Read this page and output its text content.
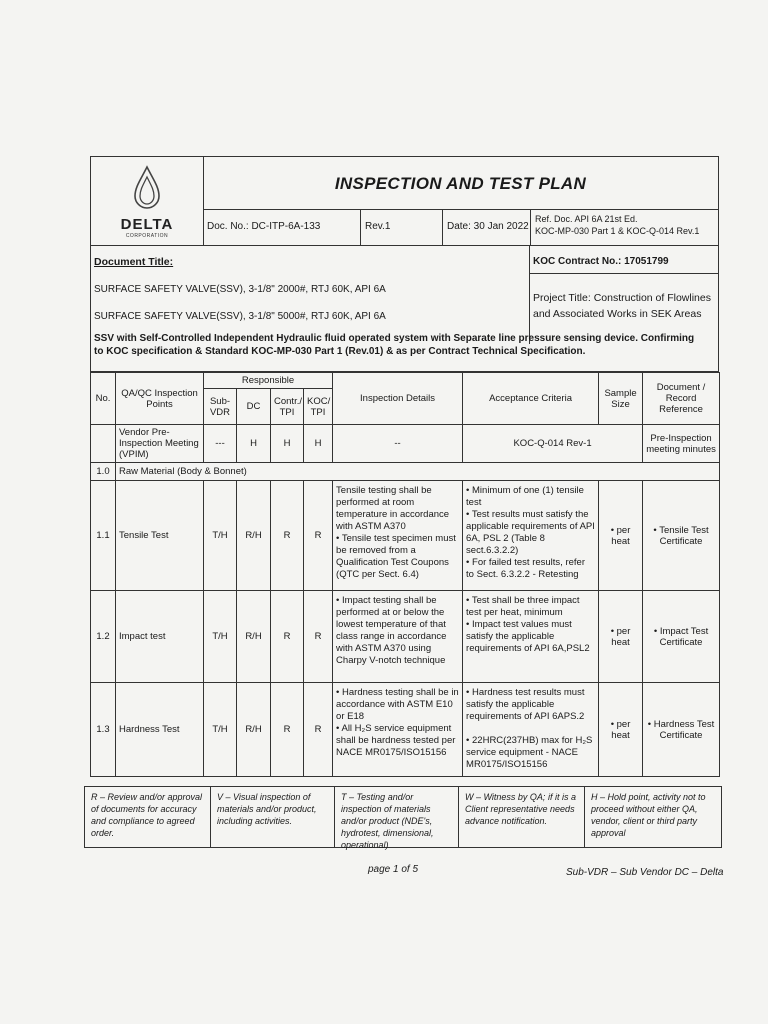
DELTA
CORPORATION
INSPECTION AND TEST PLAN
Doc. No.: DC-ITP-6A-133	Rev.1	Date: 30 Jan 2022
Ref. Doc. API 6A 21st Ed.
KOC-MP-030 Part 1 & KOC-Q-014 Rev.1
Document Title:
SURFACE SAFETY VALVE(SSV), 3-1/8" 2000#, RTJ 60K, API 6A
SURFACE SAFETY VALVE(SSV), 3-1/8" 5000#, RTJ 60K, API 6A
KOC Contract No.: 17051799
Project Title: Construction of Flowlines and Associated Works in SEK Areas
SSV with Self-Controlled Independent Hydraulic fluid operated system with Separate line pressure sensing device. Confirming to KOC specification & Standard KOC-MP-030 Part 1 (Rev.01) & as per Contract Technical Specification.
No.	QA/QC Inspection Points	Responsible				Inspection Details	Acceptance Criteria	Sample Size	Document / Record Reference
		Sub-VDR	DC	Contr./ TPI	KOC/ TPI				
	Vendor Pre-Inspection Meeting (VPIM)	---	H	H	H	--	KOC-Q-014 Rev-1		Pre-Inspection meeting minutes
1.0	Raw Material (Body & Bonnet)								
1.1	Tensile Test	T/H	R/H	R	R	Tensile testing shall be performed at room temperature in accordance with ASTM A370
• Tensile test specimen must be removed from a Qualification Test Coupons (QTC per Sect. 6.4)	• Minimum of one (1) tensile test
• Test results must satisfy the applicable requirements of API 6A, PSL 2 (Table 8 sect.6.3.2.2)
• For failed test results, refer to Sect. 6.3.2.2 - Retesting	• per heat	• Tensile Test Certificate
1.2	Impact test	T/H	R/H	R	R	• Impact testing shall be performed at or below the lowest temperature of that class range in accordance with ASTM A370 using Charpy V-notch technique	• Test shall be three impact test per heat, minimum
• Impact test values must satisfy the applicable requirements of API 6A,PSL2	• per heat	• Impact Test Certificate
1.3	Hardness Test	T/H	R/H	R	R	• Hardness testing shall be in accordance with ASTM E10 or E18
• All H₂S service equipment shall be hardness tested per NACE MR0175/ISO15156	• Hardness test results must satisfy the applicable requirements of API 6APS.2

• 22HRC(237HB) max for H₂S service equipment - NACE MR0175/ISO15156	• per heat	• Hardness Test Certificate
R – Review and/or approval of documents for accuracy and compliance to agreed order.
V – Visual inspection of materials and/or product, including activities.
T – Testing and/or inspection of materials and/or product (NDE's, hydrotest, dimensional, operational)
W – Witness by QA; if it is a Client representative needs advance notification.
H – Hold point, activity not to proceed without either QA, vendor, client or third party approval
page 1 of 5	Sub-VDR – Sub Vendor DC – Delta
